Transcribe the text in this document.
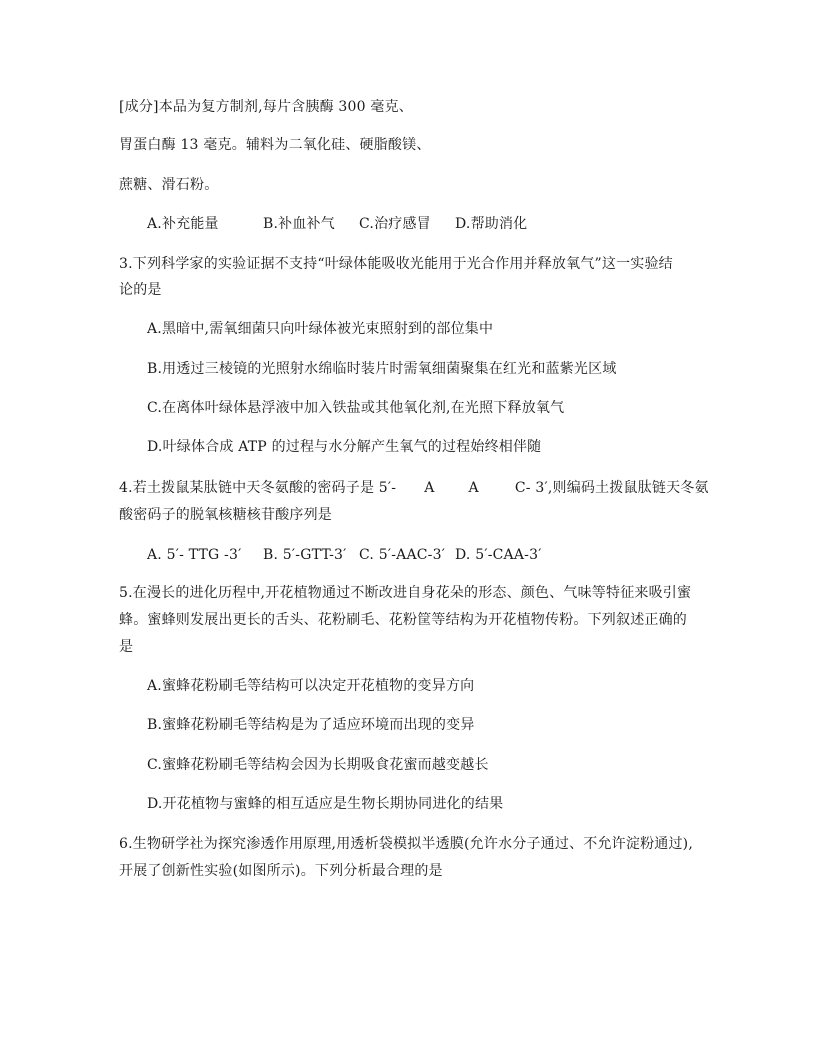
[成分]本品为复方制剂,每片含胰酶 300 毫克、
胃蛋白酶 13 毫克。辅料为二氧化硅、硬脂酸镁、
蔗糖、滑石粉。
A.补充能量	B.补血补气 C.治疗感冒 D.帮助消化
3.下列科学家的实验证据不支持“叶绿体能吸收光能用于光合作用并释放氧气”这一实验结
论的是
A.黑暗中,需氧细菌只向叶绿体被光束照射到的部位集中
B.用透过三棱镜的光照射水绵临时装片时需氧细菌聚集在红光和蓝紫光区域
C.在离体叶绿体悬浮液中加入铁盐或其他氧化剂,在光照下释放氧气
D.叶绿体合成 ATP 的过程与水分解产生氧气的过程始终相伴随
4.若土拨鼠某肽链中天冬氨酸的密码子是 5′- A A	C- 3′,则编码土拨鼠肽链天冬氨
酸密码子的脱氧核糖核苷酸序列是
A. 5′- TTG -3′ B. 5′-GTT-3′ C. 5′-AAC-3′ D. 5′-CAA-3′
5.在漫长的进化历程中,开花植物通过不断改进自身花朵的形态、颜色、气味等特征来吸引蜜
蜂。蜜蜂则发展出更长的舌头、花粉刷毛、花粉筐等结构为开花植物传粉。下列叙述正确的
是
A.蜜蜂花粉刷毛等结构可以决定开花植物的变异方向
B.蜜蜂花粉刷毛等结构是为了适应环境而出现的变异
C.蜜蜂花粉刷毛等结构会因为长期吸食花蜜而越变越长
D.开花植物与蜜蜂的相互适应是生物长期协同进化的结果
6.生物研学社为探究渗透作用原理,用透析袋模拟半透膜(允许水分子通过、不允许淀粉通过),
开展了创新性实验(如图所示)。下列分析最合理的是
